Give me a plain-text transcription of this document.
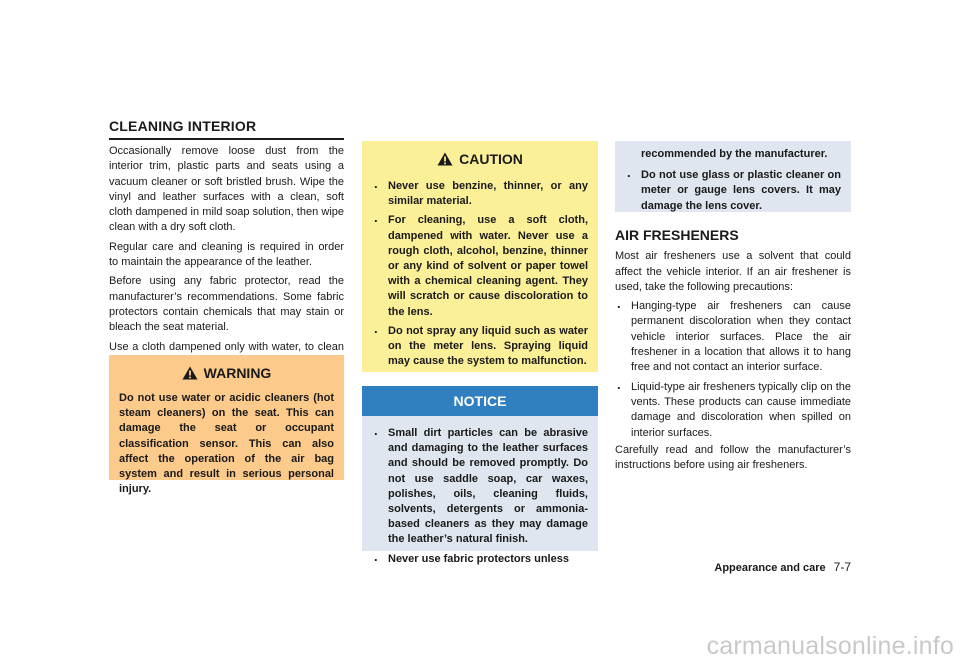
CLEANING INTERIOR

Occasionally remove loose dust from the interior trim, plastic parts and seats using a vacuum cleaner or soft bristled brush. Wipe the vinyl and leather surfaces with a clean, soft cloth dampened in mild soap solution, then wipe clean with a dry soft cloth.

Regular care and cleaning is required in order to maintain the appearance of the leather.

Before using any fabric protector, read the manufacturer’s recommendations. Some fabric protectors contain chemicals that may stain or bleach the seat material.

Use a cloth dampened only with water, to clean

WARNING

Do not use water or acidic cleaners (hot steam cleaners) on the seat. This can damage the seat or occupant classification sensor. This can also affect the operation of the air bag system and result in serious personal injury.

CAUTION
. Never use benzine, thinner, or any similar material.
. For cleaning, use a soft cloth, dampened with water. Never use a rough cloth, alcohol, benzine, thinner or any kind of solvent or paper towel with a chemical cleaning agent. They will scratch or cause discoloration to the lens.
. Do not spray any liquid such as water on the meter lens. Spraying liquid may cause the system to malfunction.
NOTICE
. Small dirt particles can be abrasive and damaging to the leather surfaces and should be removed promptly. Do not use saddle soap, car waxes, polishes, oils, cleaning fluids, solvents, detergents or ammonia-based cleaners as they may damage the leather’s natural finish.
. Never use fabric protectors unless

recommended by the manufacturer.

. Do not use glass or plastic cleaner on meter or gauge lens covers. It may damage the lens cover.

AIR FRESHENERS

Most air fresheners use a solvent that could affect the vehicle interior. If an air freshener is used, take the following precautions:

. Hanging-type air fresheners can cause permanent discoloration when they contact vehicle interior surfaces. Place the air freshener in a location that allows it to hang free and not contact an interior surface.
. Liquid-type air fresheners typically clip on the vents. These products can cause immediate damage and discoloration when spilled on interior surfaces.

Carefully read and follow the manufacturer’s instructions before using air fresheners.

Appearance and care 7-7
carmanualsonline.info
